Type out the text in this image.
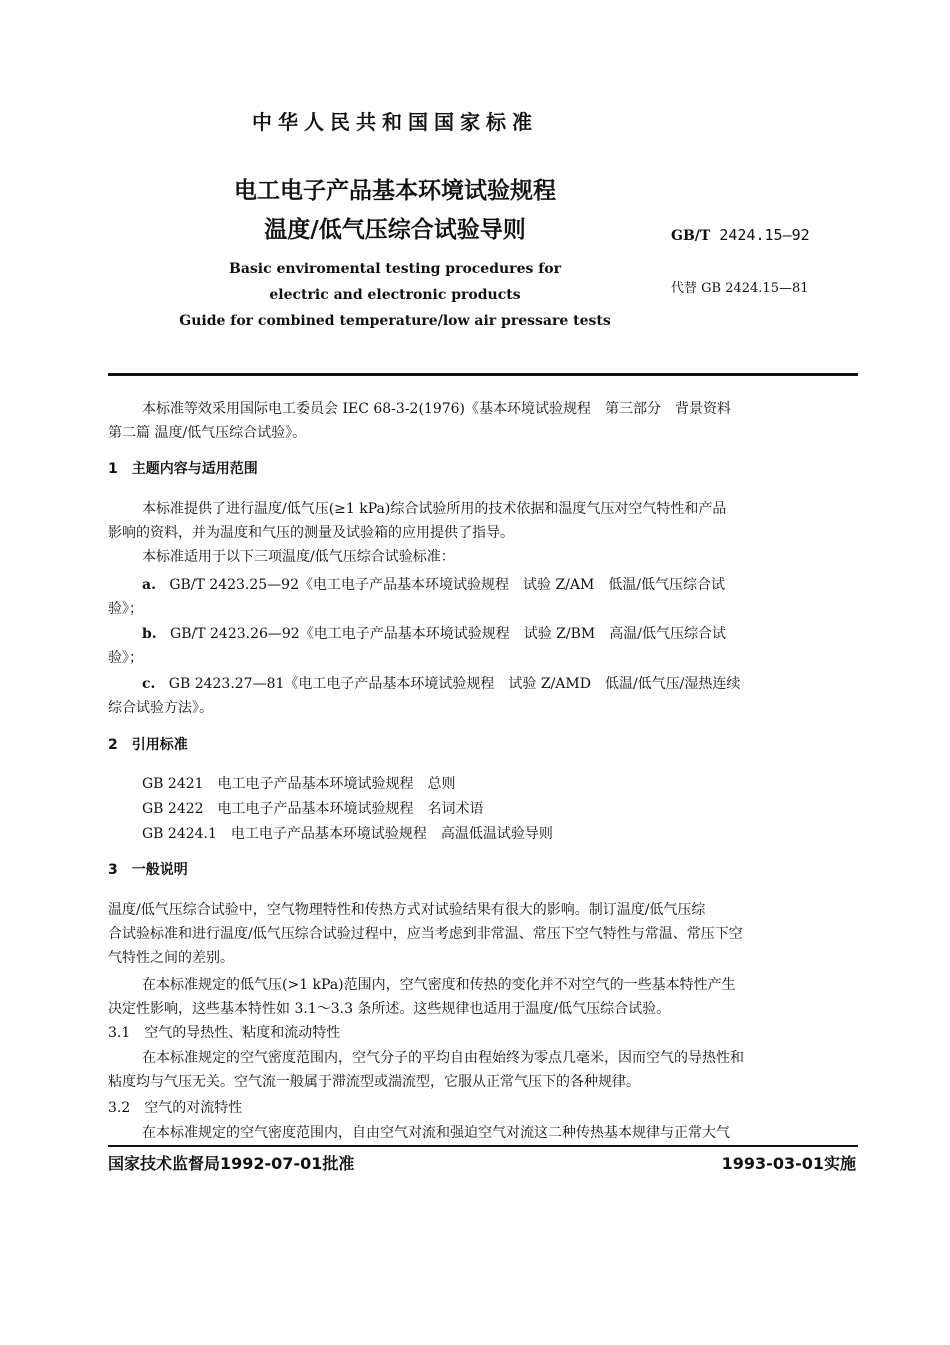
中华人民共和国国家标准
电工电子产品基本环境试验规程
温度/低气压综合试验导则	GB/T 2424.15—92
代替 GB 2424.15—81
Basic enviromental testing procedures for
electric and electronic products
Guide for combined temperature/low air pressare tests

本标准等效采用国际电工委员会 IEC 68-3-2(1976)《基本环境试验规程　第三部分　背景资料

第二篇 温度/低气压综合试验》。

1　主题内容与适用范围

本标准提供了进行温度/低气压(≥1 kPa)综合试验所用的技术依据和温度气压对空气特性和产品

影响的资料，并为温度和气压的测量及试验箱的应用提供了指导。

本标准适用于以下三项温度/低气压综合试验标准：

a. GB/T 2423.25—92《电工电子产品基本环境试验规程　试验 Z/AM　低温/低气压综合试

验》；

b. GB/T 2423.26—92《电工电子产品基本环境试验规程　试验 Z/BM　高温/低气压综合试

验》；

c. GB 2423.27—81《电工电子产品基本环境试验规程　试验 Z/AMD　低温/低气压/湿热连续

综合试验方法》。

2　引用标准

GB 2421　电工电子产品基本环境试验规程　总则

GB 2422　电工电子产品基本环境试验规程　名词术语

GB 2424.1　电工电子产品基本环境试验规程　高温低温试验导则

3　一般说明

温度/低气压综合试验中，空气物理特性和传热方式对试验结果有很大的影响。制订温度/低气压综

合试验标准和进行温度/低气压综合试验过程中，应当考虑到非常温、常压下空气特性与常温、常压下空

气特性之间的差别。

在本标准规定的低气压(>1 kPa)范围内，空气密度和传热的变化并不对空气的一些基本特性产生

决定性影响，这些基本特性如 3.1～3.3 条所述。这些规律也适用于温度/低气压综合试验。

3.1　空气的导热性、粘度和流动特性

在本标准规定的空气密度范围内，空气分子的平均自由程始终为零点几毫米，因而空气的导热性和

粘度均与气压无关。空气流一般属于滞流型或湍流型，它服从正常气压下的各种规律。

3.2　空气的对流特性

在本标准规定的空气密度范围内，自由空气对流和强迫空气对流这二种传热基本规律与正常大气

国家技术监督局1992-07-01批准	1993-03-01实施
